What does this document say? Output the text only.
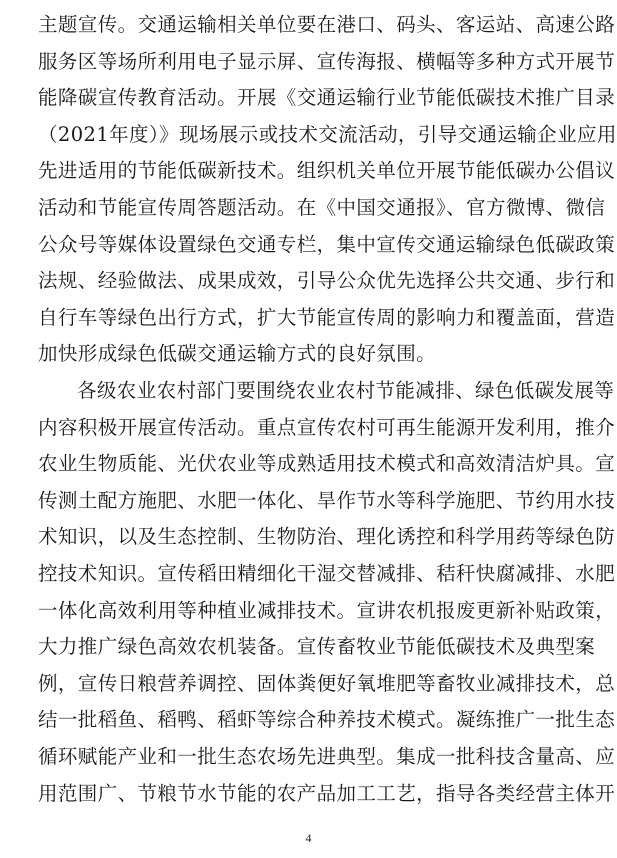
主题宣传。交通运输相关单位要在港口、码头、客运站、高速公路
服务区等场所利用电子显示屏、宣传海报、横幅等多种方式开展节
能降碳宣传教育活动。开展《交通运输行业节能低碳技术推广目录
（2021年度）》现场展示或技术交流活动，引导交通运输企业应用
先进适用的节能低碳新技术。组织机关单位开展节能低碳办公倡议
活动和节能宣传周答题活动。在《中国交通报》、官方微博、微信
公众号等媒体设置绿色交通专栏，集中宣传交通运输绿色低碳政策
法规、经验做法、成果成效，引导公众优先选择公共交通、步行和
自行车等绿色出行方式，扩大节能宣传周的影响力和覆盖面，营造
加快形成绿色低碳交通运输方式的良好氛围。
各级农业农村部门要围绕农业农村节能减排、绿色低碳发展等
内容积极开展宣传活动。重点宣传农村可再生能源开发利用，推介
农业生物质能、光伏农业等成熟适用技术模式和高效清洁炉具。宣
传测土配方施肥、水肥一体化、旱作节水等科学施肥、节约用水技
术知识，以及生态控制、生物防治、理化诱控和科学用药等绿色防
控技术知识。宣传稻田精细化干湿交替减排、秸秆快腐减排、水肥
一体化高效利用等种植业减排技术。宣讲农机报废更新补贴政策，
大力推广绿色高效农机装备。宣传畜牧业节能低碳技术及典型案
例，宣传日粮营养调控、固体粪便好氧堆肥等畜牧业减排技术，总
结一批稻鱼、稻鸭、稻虾等综合种养技术模式。凝练推广一批生态
循环赋能产业和一批生态农场先进典型。集成一批科技含量高、应
4
用范围广、节粮节水节能的农产品加工工艺，指导各类经营主体开
